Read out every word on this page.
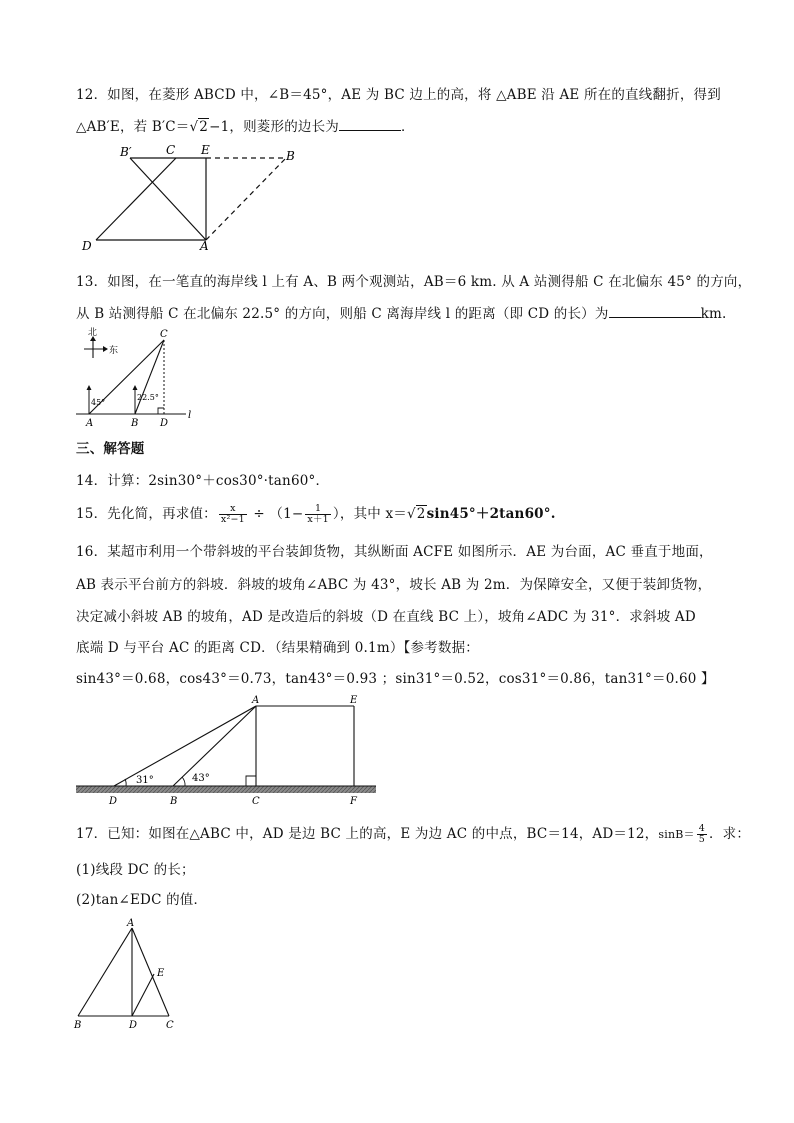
12．如图，在菱形 ABCD 中，∠B＝45°，AE 为 BC 边上的高，将 △ABE 沿 AE 所在的直线翻折，得到
△AB′E，若 B′C＝√2−1，则菱形的边长为	．
B′	C E	B
D	A
13．如图，在一笔直的海岸线 l 上有 A、B 两个观测站，AB＝6 km. 从 A 站测得船 C 在北偏东 45° 的方向，
从 B 站测得船 C 在北偏东 22.5° 的方向，则船 C 离海岸线 l 的距离（即 CD 的长）为	km.
北
东
C
45°
22.5°
A	B D
l
三、解答题
14．计算：2sin30°＋cos30°·tan60°．
15．先化简，再求值： $\frac{x}{\text{x²−1}} \div (1- \frac{1}{x+1}$ ），其中 x＝√2sin45°＋2tan60°.
16．某超市利用一个带斜坡的平台装卸货物，其纵断面 ACFE 如图所示．AE 为台面，AC 垂直于地面，
AB 表示平台前方的斜坡．斜坡的坡角∠ABC 为 43°，坡长 AB 为 2m．为保障安全，又便于装卸货物，
决定减小斜坡 AB 的坡角，AD 是改造后的斜坡（D 在直线 BC 上），坡角∠ADC 为 31°．求斜坡 AD
底端 D 与平台 AC 的距离 CD．（结果精确到 0.1m）【参考数据：
sin43°＝0.68，cos43°＝0.73，tan43°＝0.93 ；sin31°＝0.52，cos31°＝0.86，tan31°＝0.60 】
31°	43°
A	E
D	B	C	F
17．已知：如图在△ABC 中，AD 是边 BC 上的高，E 为边 AC 的中点，BC＝14，AD＝12，$\sin B= \frac{4}{5}$ ．求：
(1)线段 DC 的长；
(2)tan∠EDC 的值．
A
E
B	D	C
